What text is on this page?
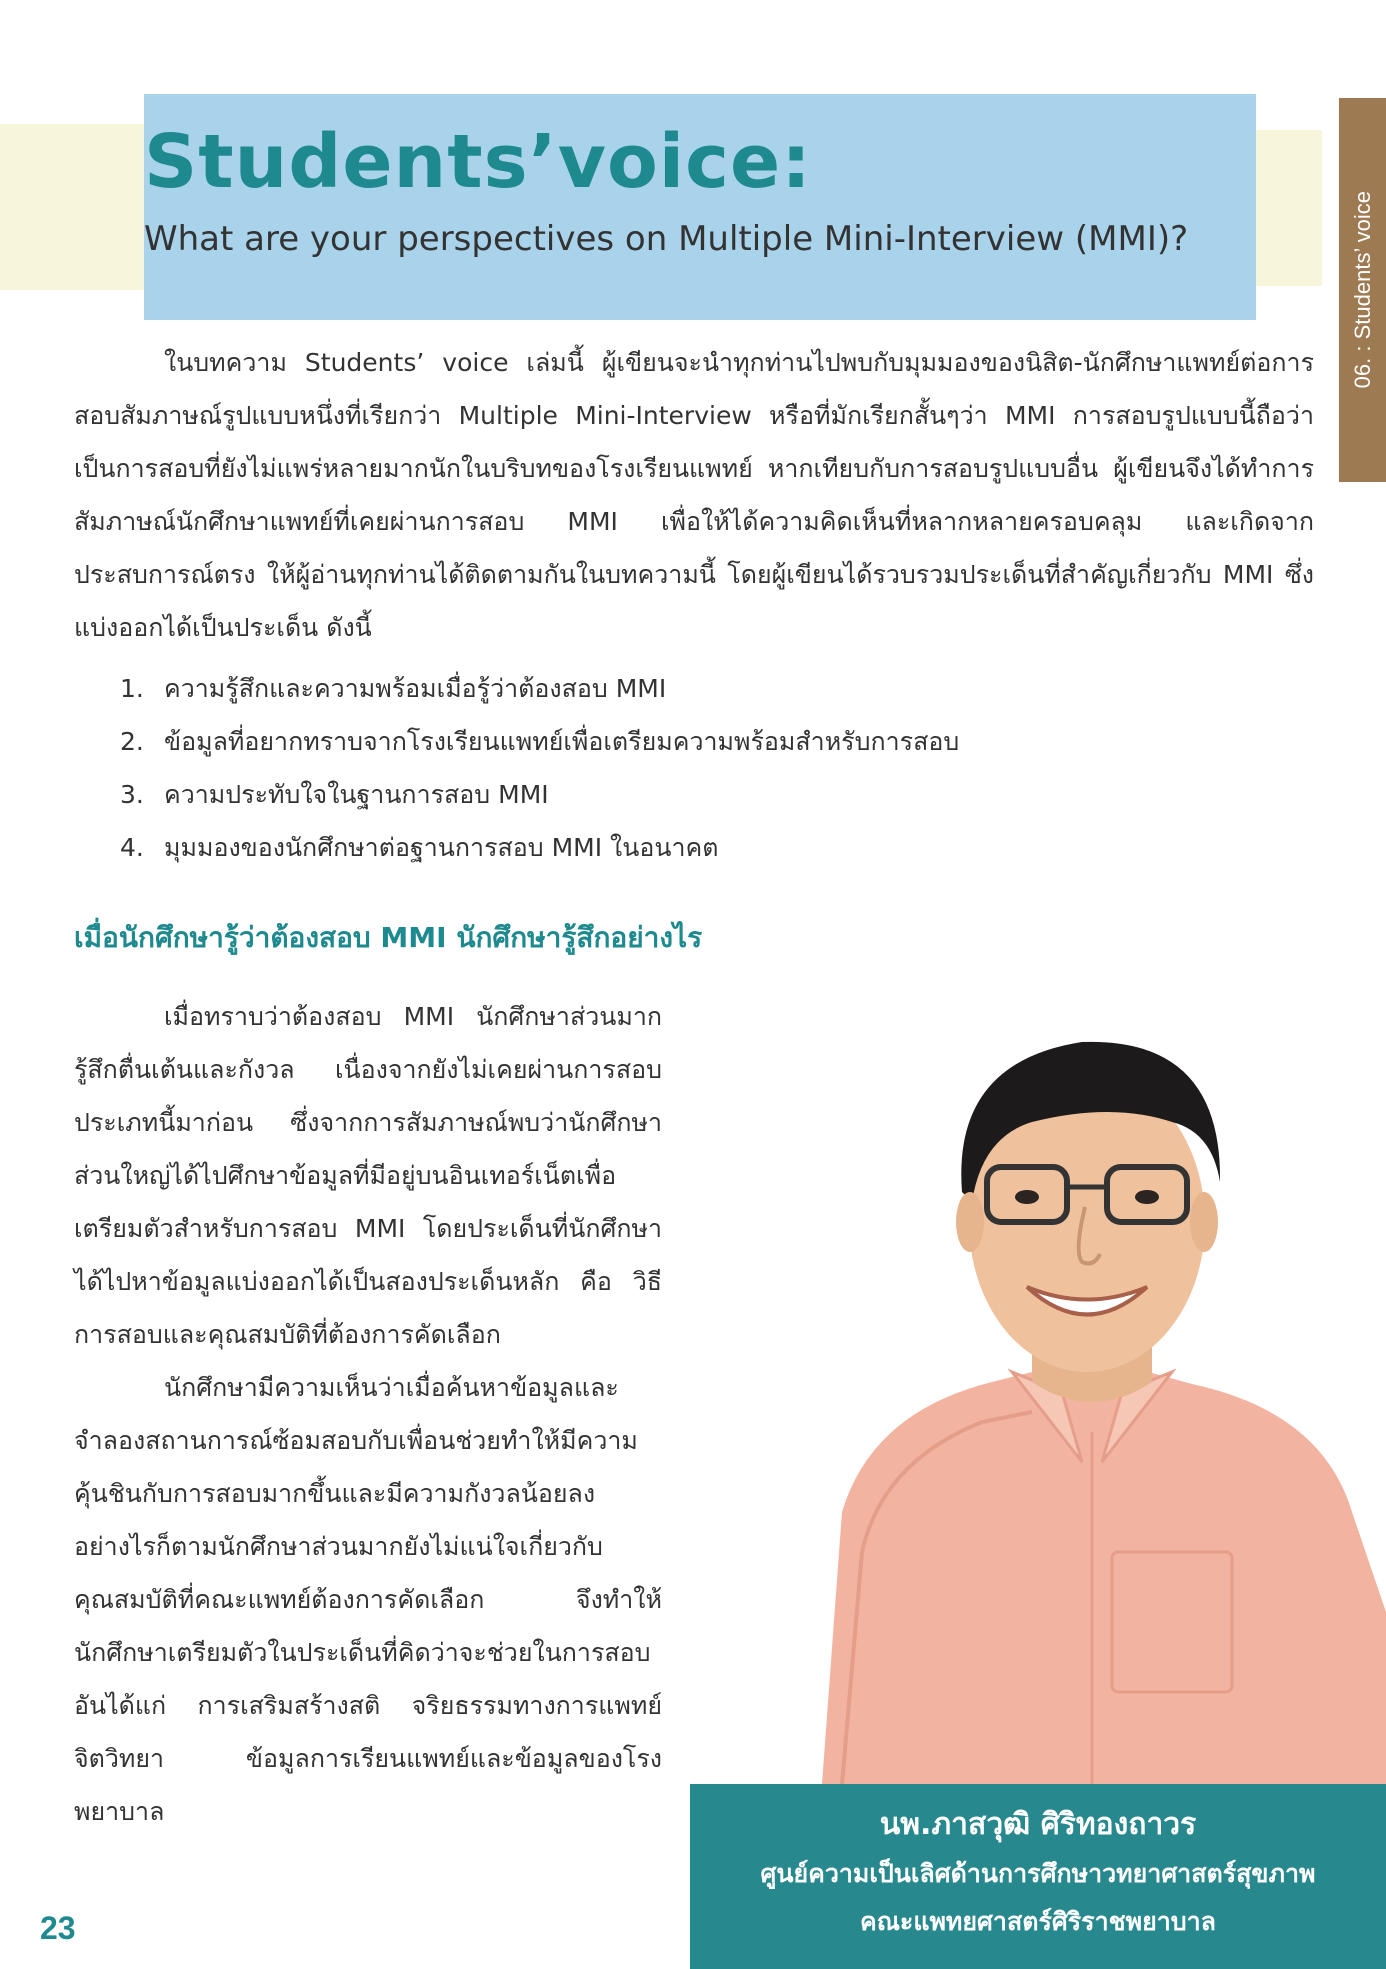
Students’voice:

What are your perspectives on Multiple Mini-Interview (MMI)?	06. : Students’ voice

ในบทความ Students’ voice เล่มนี้ ผู้เขียนจะนำทุกท่านไปพบกับมุมมองของนิสิต-นักศึกษาแพทย์ต่อการสอบสัมภาษณ์รูปแบบหนึ่งที่เรียกว่า Multiple Mini-Interview หรือที่มักเรียกสั้นๆว่า MMI การสอบรูปแบบนี้ถือว่าเป็นการสอบที่ยังไม่แพร่หลายมากนักในบริบทของโรงเรียนแพทย์ หากเทียบกับการสอบรูปแบบอื่น ผู้เขียนจึงได้ทำการสัมภาษณ์นักศึกษาแพทย์ที่เคยผ่านการสอบ MMI เพื่อให้ได้ความคิดเห็นที่หลากหลายครอบคลุม และเกิดจากประสบการณ์ตรง ให้ผู้อ่านทุกท่านได้ติดตามกันในบทความนี้ โดยผู้เขียนได้รวบรวมประเด็นที่สำคัญเกี่ยวกับ MMI ซึ่งแบ่งออกได้เป็นประเด็น ดังนี้

1. ความรู้สึกและความพร้อมเมื่อรู้ว่าต้องสอบ MMI
2. ข้อมูลที่อยากทราบจากโรงเรียนแพทย์เพื่อเตรียมความพร้อมสำหรับการสอบ
3. ความประทับใจในฐานการสอบ MMI
4. มุมมองของนักศึกษาต่อฐานการสอบ MMI ในอนาคต
เมื่อนักศึกษารู้ว่าต้องสอบ MMI นักศึกษารู้สึกอย่างไร

เมื่อทราบว่าต้องสอบ MMI นักศึกษาส่วนมากรู้สึกตื่นเต้นและกังวล เนื่องจากยังไม่เคยผ่านการสอบประเภทนี้มาก่อน ซึ่งจากการสัมภาษณ์พบว่านักศึกษาส่วนใหญ่ได้ไปศึกษาข้อมูลที่มีอยู่บนอินเทอร์เน็ตเพื่อเตรียมตัวสำหรับการสอบ MMI โดยประเด็นที่นักศึกษาได้ไปหาข้อมูลแบ่งออกได้เป็นสองประเด็นหลัก คือ วิธีการสอบและคุณสมบัติที่ต้องการคัดเลือก

นักศึกษามีความเห็นว่าเมื่อค้นหาข้อมูลและจำลองสถานการณ์ซ้อมสอบกับเพื่อนช่วยทำให้มีความคุ้นชินกับการสอบมากขึ้นและมีความกังวลน้อยลง อย่างไรก็ตามนักศึกษาส่วนมากยังไม่แน่ใจเกี่ยวกับคุณสมบัติที่คณะแพทย์ต้องการคัดเลือก จึงทำให้นักศึกษาเตรียมตัวในประเด็นที่คิดว่าจะช่วยในการสอบอันได้แก่ การเสริมสร้างสติ จริยธรรมทางการแพทย์ จิตวิทยา ข้อมูลการเรียนแพทย์และข้อมูลของโรงพยาบาล	นพ.ภาสวุฒิ ศิริทองถาวร
ศูนย์ความเป็นเลิศด้านการศึกษาวทยาศาสตร์สุขภาพ
คณะแพทยศาสตร์ศิริราชพยาบาล
23
